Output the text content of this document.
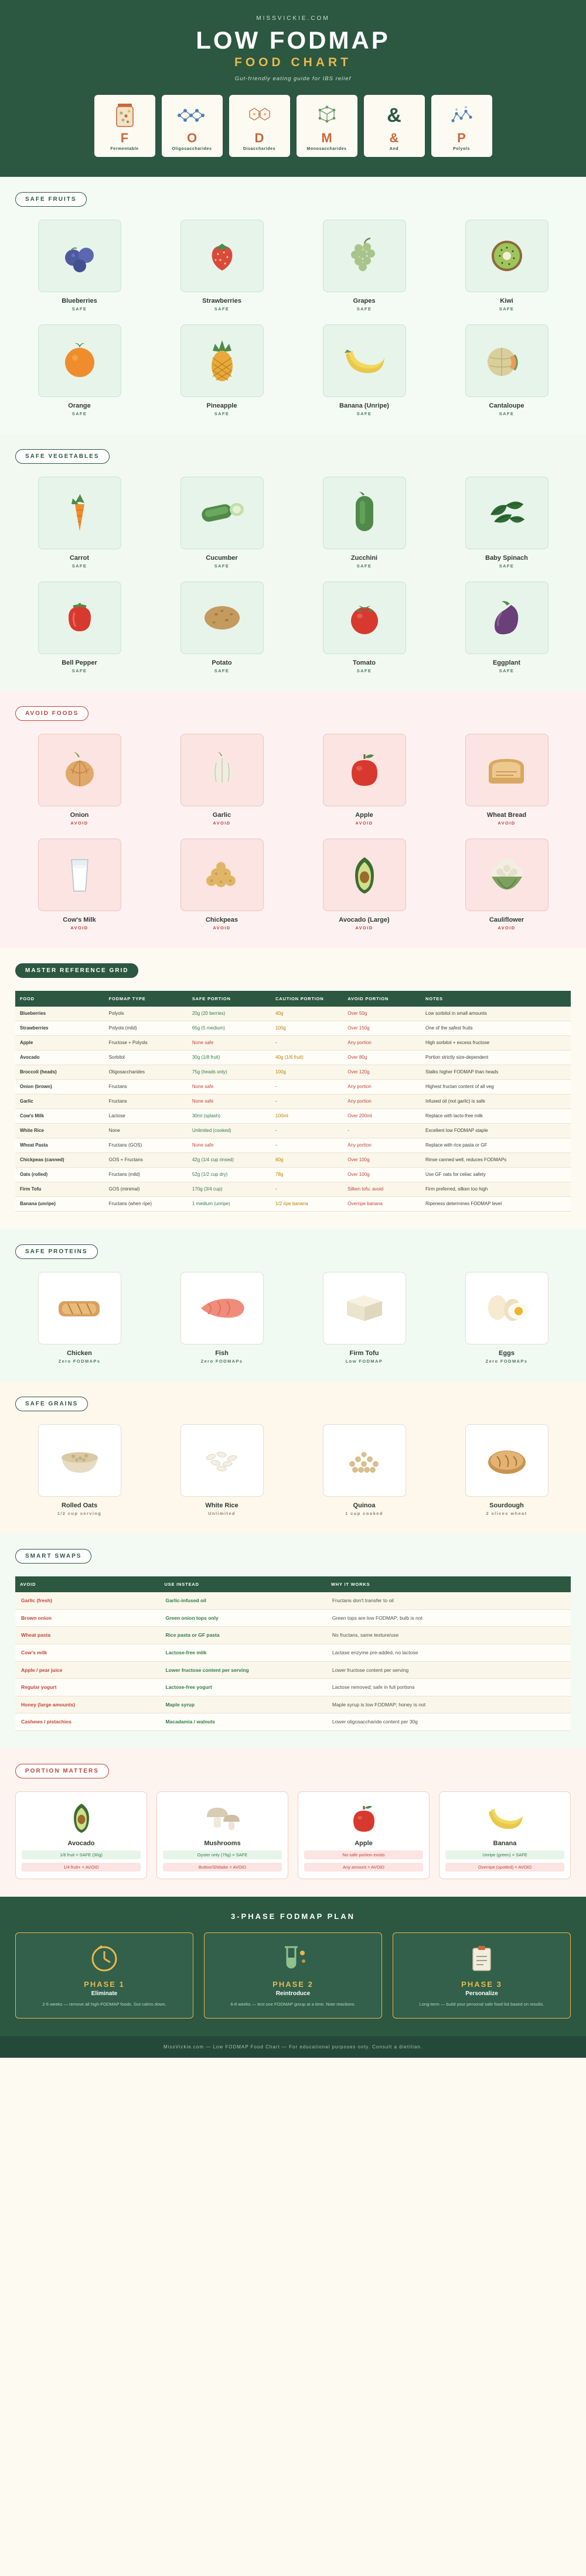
MISSVICKIE.COM
LOW FODMAP
FOOD CHART
Gut-friendly eating guide for IBS relief
F
Fermentable
O
Oligosaccharides
D
Disaccharides
M
Monosaccharides
&
&
And
P
Polyols
SAFE FRUITS
Blueberries
SAFE
Strawberries
SAFE
Grapes
SAFE
Kiwi
SAFE
Orange
SAFE
Pineapple
SAFE
Banana (Unripe)
SAFE
Cantaloupe
SAFE
SAFE VEGETABLES
Carrot
SAFE
Cucumber
SAFE
Zucchini
SAFE
Baby Spinach
SAFE
Bell Pepper
SAFE
Potato
SAFE
Tomato
SAFE
Eggplant
SAFE
AVOID FOODS
Onion
AVOID
Garlic
AVOID
Apple
AVOID
Wheat Bread
AVOID
Cow's Milk
AVOID
Chickpeas
AVOID
Avocado (Large)
AVOID
Cauliflower
AVOID
MASTER REFERENCE GRID
FOOD	FODMAP TYPE	SAFE PORTION	CAUTION PORTION	AVOID PORTION	NOTES
Blueberries	Polyols	20g (20 berries)	40g	Over 50g	Low sorbitol in small amounts
Strawberries	Polyols (mild)	65g (5 medium)	100g	Over 150g	One of the safest fruits
Apple	Fructose + Polyols	None safe	-	Any portion	High sorbitol + excess fructose
Avocado	Sorbitol	30g (1/8 fruit)	40g (1/6 fruit)	Over 80g	Portion strictly size-dependent
Broccoli (heads)	Oligosaccharides	75g (heads only)	100g	Over 120g	Stalks higher FODMAP than heads
Onion (brown)	Fructans	None safe	-	Any portion	Highest fructan content of all veg
Garlic	Fructans	None safe	-	Any portion	Infused oil (not garlic) is safe
Cow's Milk	Lactose	30ml (splash)	100ml	Over 200ml	Replace with lacto-free milk
White Rice	None	Unlimited (cooked)	-	-	Excellent low FODMAP staple
Wheat Pasta	Fructans (GOS)	None safe	-	Any portion	Replace with rice pasta or GF
Chickpeas (canned)	GOS + Fructans	42g (1/4 cup rinsed)	60g	Over 100g	Rinse canned well, reduces FODMAPs
Oats (rolled)	Fructans (mild)	52g (1/2 cup dry)	78g	Over 100g	Use GF oats for celiac safety
Firm Tofu	GOS (minimal)	170g (3/4 cup)	-	Silken tofu: avoid	Firm preferred, silken too high
Banana (unripe)	Fructans (when ripe)	1 medium (unripe)	1/2 ripe banana	Overripe banana	Ripeness determines FODMAP level
SAFE PROTEINS
Chicken
Zero FODMAPs
Fish
Zero FODMAPs
Firm Tofu
Low FODMAP
Eggs
Zero FODMAPs
SAFE GRAINS
Rolled Oats
1/2 cup serving
White Rice
Unlimited
Quinoa
1 cup cooked
Sourdough
2 slices wheat
SMART SWAPS
AVOID	USE INSTEAD	WHY IT WORKS
Garlic (fresh)	Garlic-infused oil	Fructans don't transfer to oil
Brown onion	Green onion tops only	Green tops are low FODMAP; bulb is not
Wheat pasta	Rice pasta or GF pasta	No fructans, same texture/use
Cow's milk	Lactose-free milk	Lactase enzyme pre-added, no lactose
Apple / pear juice	Lower fructose content per serving	Lower fructose content per serving
Regular yogurt	Lactose-free yogurt	Lactose removed; safe in full portions
Honey (large amounts)	Maple syrup	Maple syrup is low FODMAP; honey is not
Cashews / pistachios	Macadamia / walnuts	Lower oligosaccharide content per 30g
PORTION MATTERS
Avocado
1/8 fruit = SAFE (30g)
1/4 fruit+ = AVOID
Mushrooms
Oyster only (75g) = SAFE
Button/Shiitake = AVOID
Apple
No safe portion exists
Any amount = AVOID
Banana
Unripe (green) = SAFE
Overripe (spotted) = AVOID
3-PHASE FODMAP PLAN
PHASE 1
Eliminate
2-6 weeks — remove all high-FODMAP foods. Gut calms down.
PHASE 2
Reintroduce
6-8 weeks — test one FODMAP group at a time. Note reactions.
PHASE 3
Personalize
Long-term — build your personal safe food list based on results.
MissVickie.com — Low FODMAP Food Chart — For educational purposes only. Consult a dietitian.
